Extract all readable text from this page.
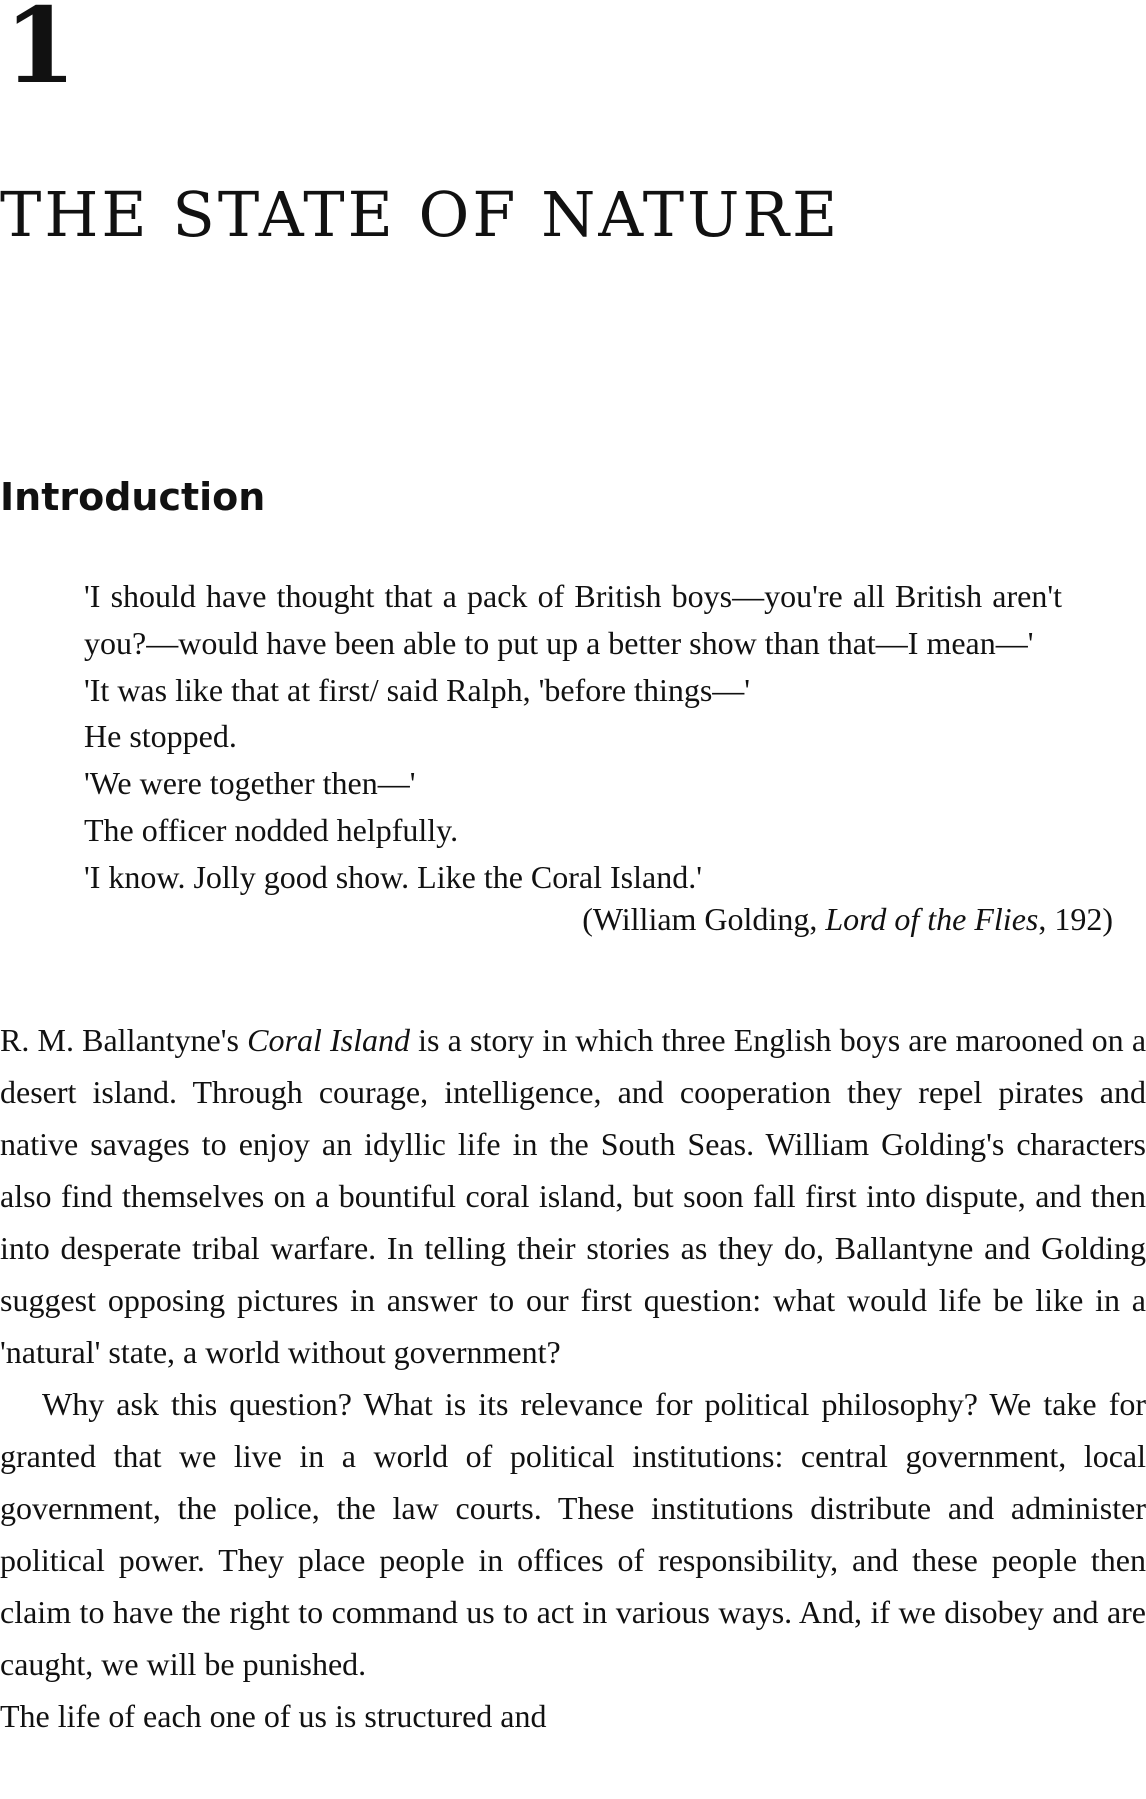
1
THE STATE OF NATURE
Introduction

'I should have thought that a pack of British boys—you're all British aren't you?—would have been able to put up a better show than that—I mean—'

'It was like that at first/ said Ralph, 'before things—'

He stopped.

'We were together then—'

The officer nodded helpfully.

'I know. Jolly good show. Like the Coral Island.'

(William Golding, Lord of the Flies, 192)

R. M. Ballantyne's Coral Island is a story in which three English boys are marooned on a desert island. Through courage, intelligence, and cooperation they repel pirates and native savages to enjoy an idyllic life in the South Seas. William Golding's characters also find themselves on a bountiful coral island, but soon fall first into dispute, and then into desperate tribal warfare. In telling their stories as they do, Ballantyne and Golding suggest opposing pictures in answer to our first question: what would life be like in a 'natural' state, a world without government?

Why ask this question? What is its relevance for political philosophy? We take for granted that we live in a world of political institutions: central government, local government, the police, the law courts. These institutions distribute and administer political power. They place people in offices of responsibility, and these people then claim to have the right to command us to act in various ways. And, if we disobey and are caught, we will be punished.

The life of each one of us is structured and
